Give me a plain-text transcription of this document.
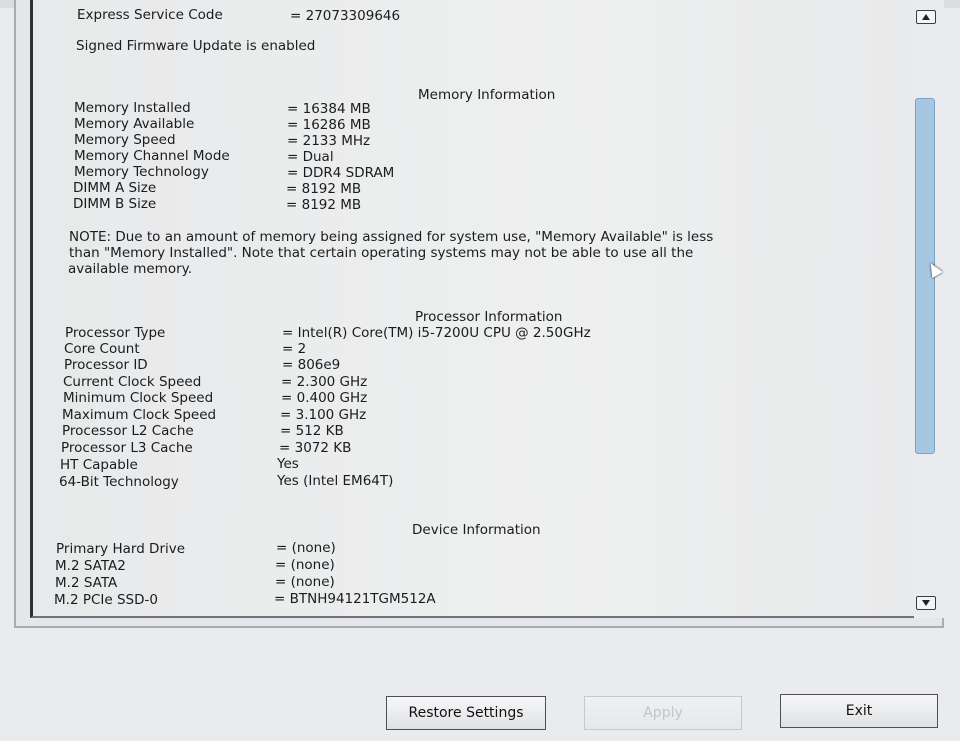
Express Service Code	= 27073309646
Signed Firmware Update is enabled
Memory Information
Memory Installed	= 16384 MB
Memory Available	= 16286 MB
Memory Speed	= 2133 MHz
Memory Channel Mode	= Dual
Memory Technology	= DDR4 SDRAM
DIMM A Size	= 8192 MB
DIMM B Size	= 8192 MB
NOTE: Due to an amount of memory being assigned for system use, "Memory Available" is less
than "Memory Installed". Note that certain operating systems may not be able to use all the
available memory.
Processor Information
Processor Type	= Intel(R) Core(TM) i5-7200U CPU @ 2.50GHz
Core Count	= 2
Processor ID	= 806e9
Current Clock Speed	= 2.300 GHz
Minimum Clock Speed	= 0.400 GHz
Maximum Clock Speed	= 3.100 GHz
Processor L2 Cache	= 512 KB
Processor L3 Cache	= 3072 KB
HT Capable	Yes
64-Bit Technology	Yes (Intel EM64T)
Device Information
Primary Hard Drive	= (none)
M.2 SATA2	= (none)
M.2 SATA	= (none)
M.2 PCIe SSD-0	= BTNH94121TGM512A
Restore Settings	Apply	Exit
